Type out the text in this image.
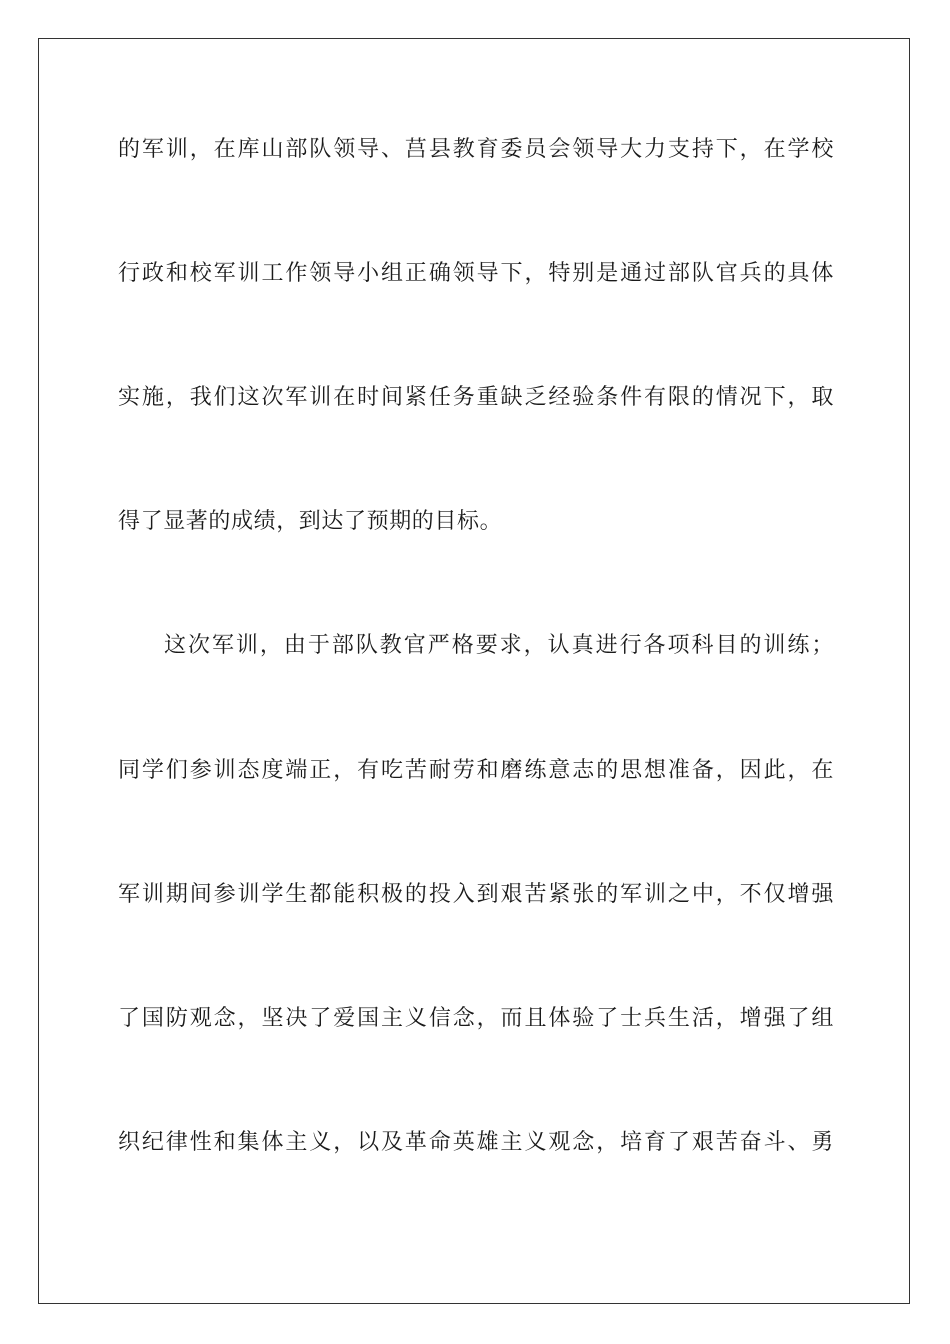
的军训，在库山部队领导、莒县教育委员会领导大力支持下，在学校
行政和校军训工作领导小组正确领导下，特别是通过部队官兵的具体
实施，我们这次军训在时间紧任务重缺乏经验条件有限的情况下，取
得了显著的成绩，到达了预期的目标。
这次军训，由于部队教官严格要求，认真进行各项科目的训练；
同学们参训态度端正，有吃苦耐劳和磨练意志的思想准备，因此，在
军训期间参训学生都能积极的投入到艰苦紧张的军训之中，不仅增强
了国防观念，坚决了爱国主义信念，而且体验了士兵生活，增强了组
织纪律性和集体主义，以及革命英雄主义观念，培育了艰苦奋斗、勇
